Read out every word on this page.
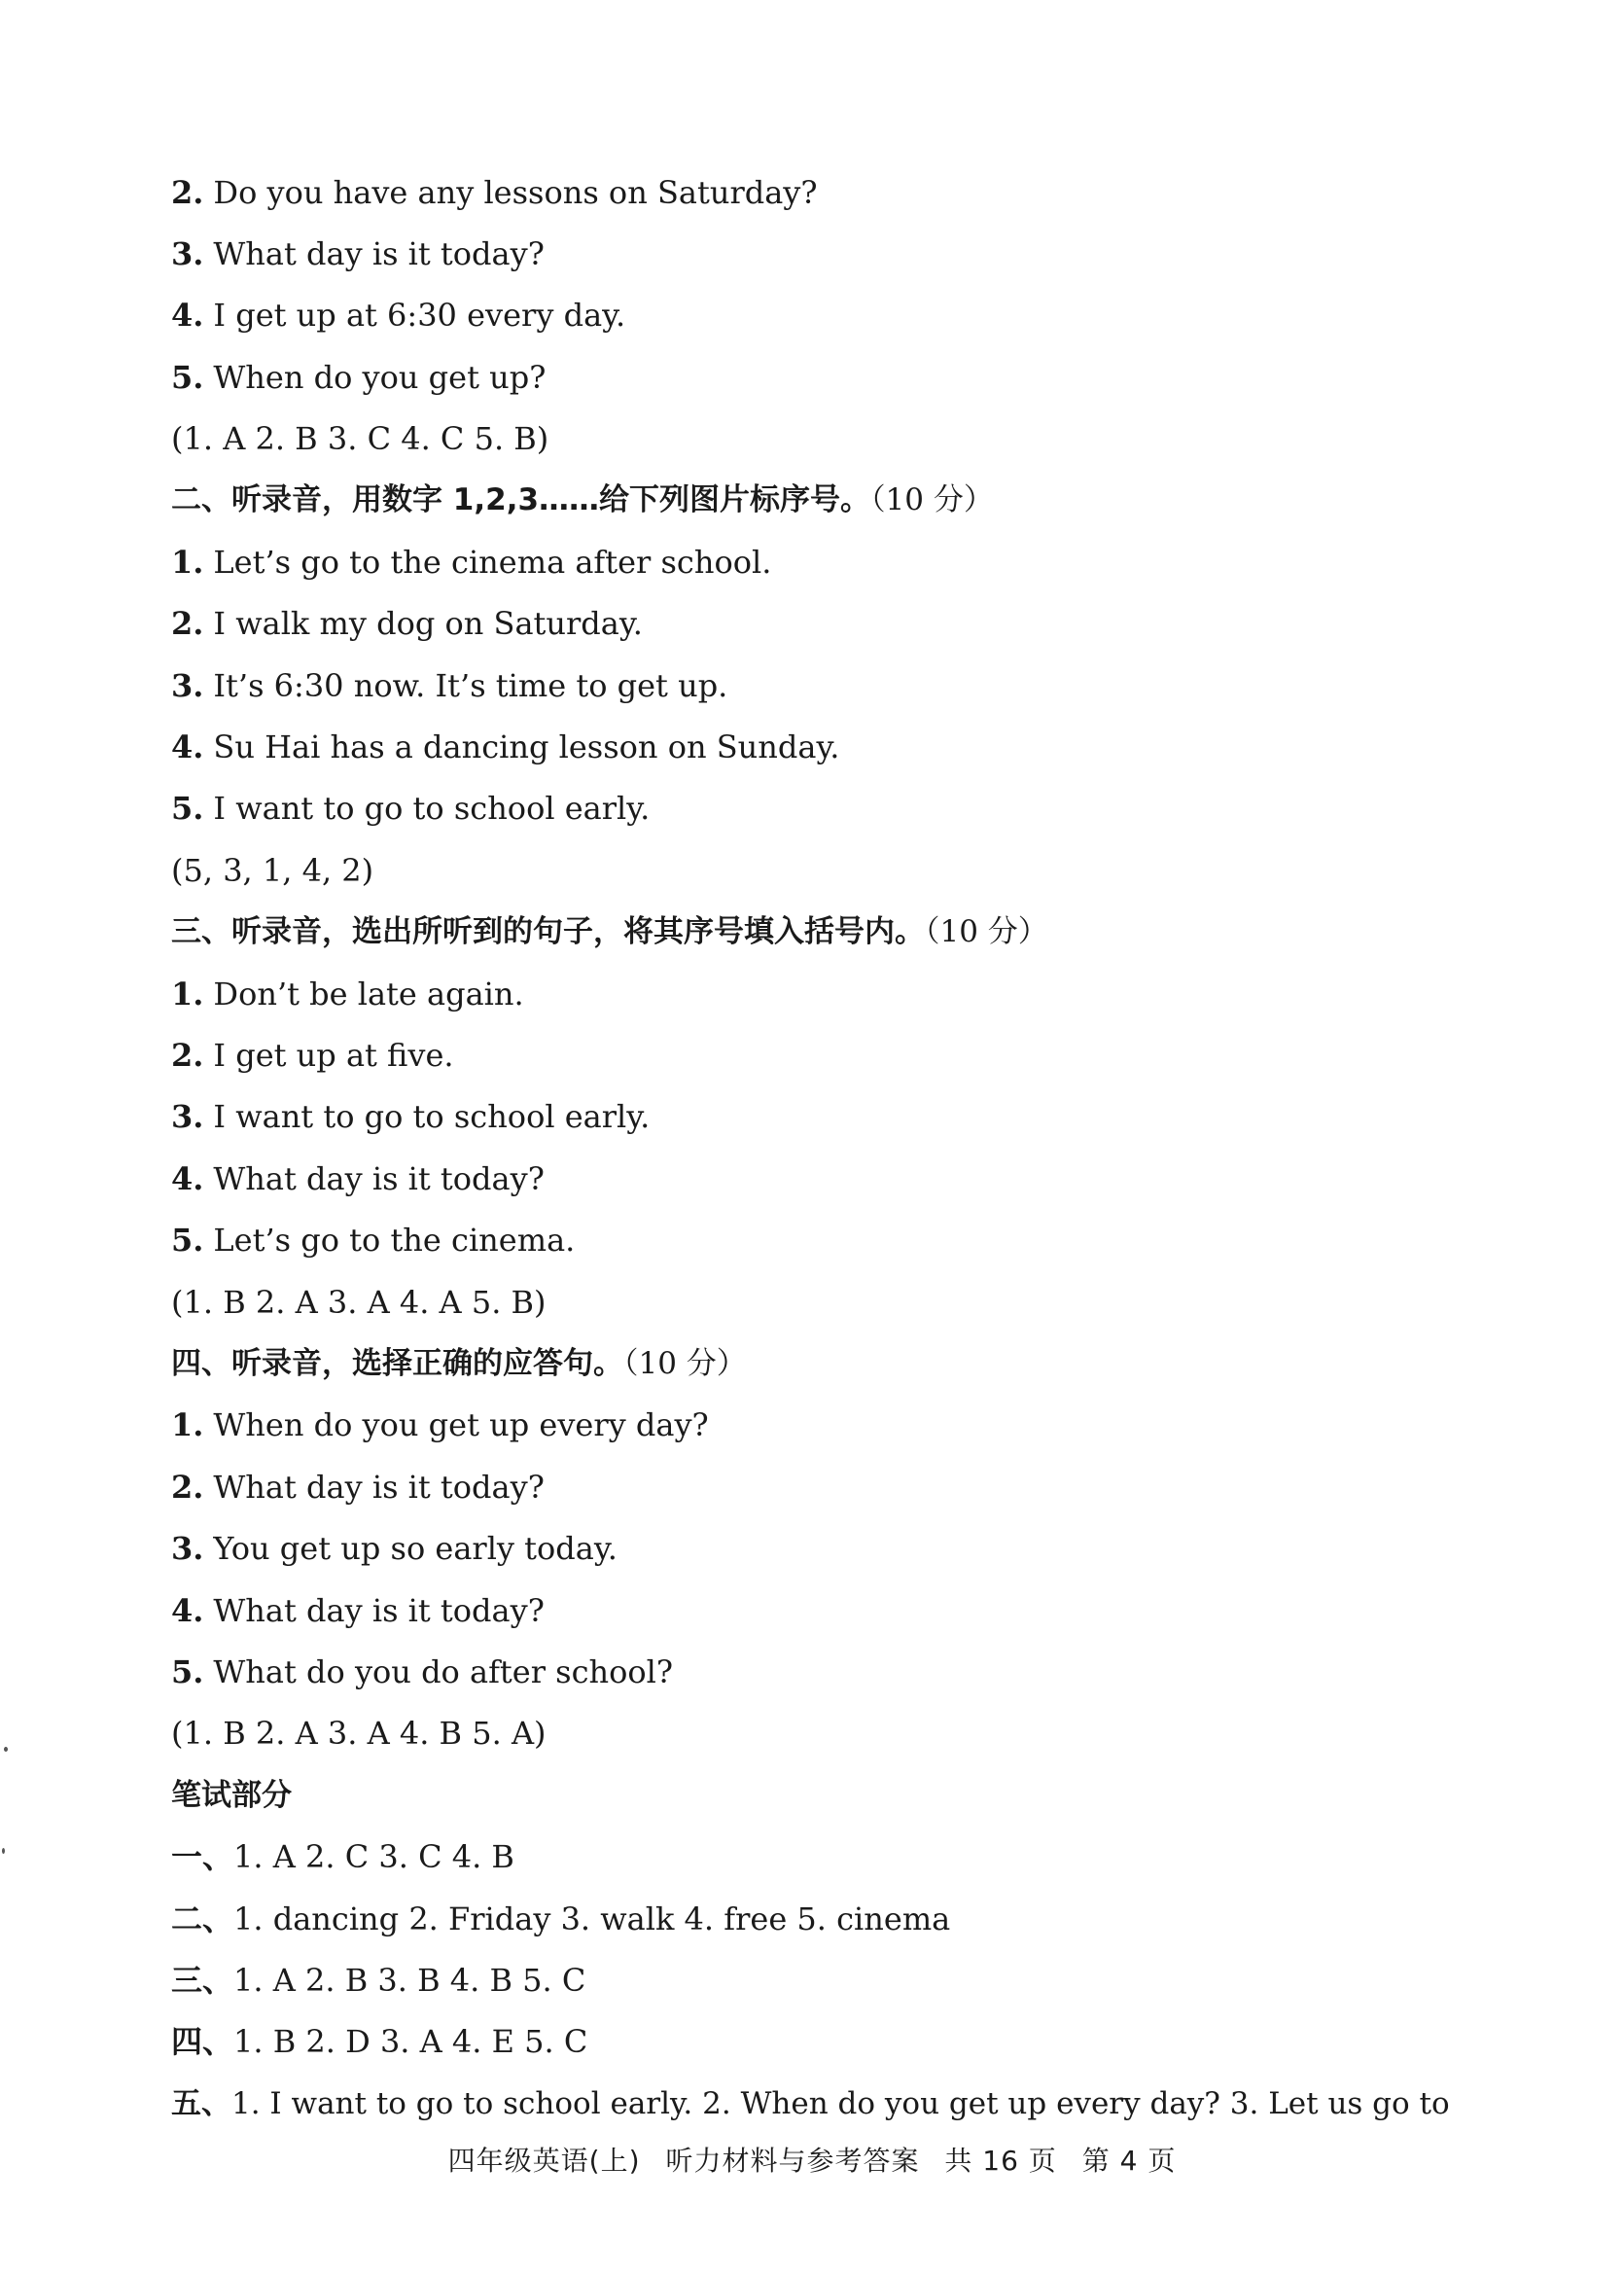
2. Do you have any lessons on Saturday?
3. What day is it today?
4. I get up at 6:30 every day.
5. When do you get up?
(1. A 2. B 3. C 4. C 5. B)
二、听录音，用数字 1,2,3……给下列图片标序号。（10 分）
1. Let’s go to the cinema after school.
2. I walk my dog on Saturday.
3. It’s 6:30 now. It’s time to get up.
4. Su Hai has a dancing lesson on Sunday.
5. I want to go to school early.
(5, 3, 1, 4, 2)
三、听录音，选出所听到的句子，将其序号填入括号内。（10 分）
1. Don’t be late again.
2. I get up at five.
3. I want to go to school early.
4. What day is it today?
5. Let’s go to the cinema.
(1. B 2. A 3. A 4. A 5. B)
四、听录音，选择正确的应答句。（10 分）
1. When do you get up every day?
2. What day is it today?
3. You get up so early today.
4. What day is it today?
5. What do you do after school?
(1. B 2. A 3. A 4. B 5. A)
笔试部分
一、1. A 2. C 3. C 4. B
二、1. dancing 2. Friday 3. walk 4. free 5. cinema
三、1. A 2. B 3. B 4. B 5. C
四、1. B 2. D 3. A 4. E 5. C
五、1. I want to go to school early. 2. When do you get up every day? 3. Let us go to
四年级英语(上) 听力材料与参考答案 共 16 页 第 4 页
